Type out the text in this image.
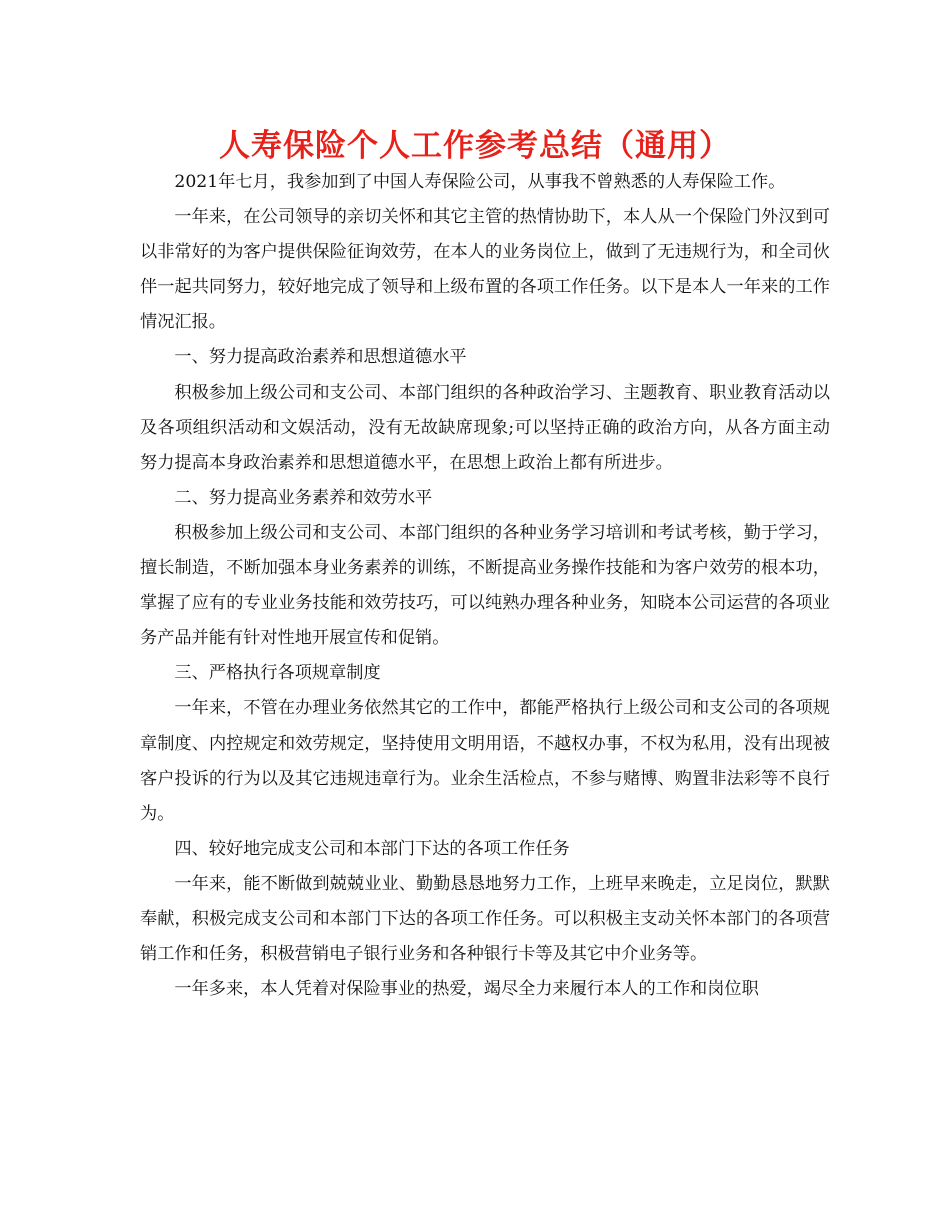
人寿保险个人工作参考总结（通用）

2021年七月，我参加到了中国人寿保险公司，从事我不曾熟悉的人寿保险工作。

一年来，在公司领导的亲切关怀和其它主管的热情协助下，本人从一个保险门外汉到可以非常好的为客户提供保险征询效劳，在本人的业务岗位上，做到了无违规行为，和全司伙伴一起共同努力，较好地完成了领导和上级布置的各项工作任务。以下是本人一年来的工作情况汇报。

一、努力提高政治素养和思想道德水平

积极参加上级公司和支公司、本部门组织的各种政治学习、主题教育、职业教育活动以及各项组织活动和文娱活动，没有无故缺席现象;可以坚持正确的政治方向，从各方面主动努力提高本身政治素养和思想道德水平，在思想上政治上都有所进步。

二、努力提高业务素养和效劳水平

积极参加上级公司和支公司、本部门组织的各种业务学习培训和考试考核，勤于学习，擅长制造，不断加强本身业务素养的训练，不断提高业务操作技能和为客户效劳的根本功，掌握了应有的专业业务技能和效劳技巧，可以纯熟办理各种业务，知晓本公司运营的各项业务产品并能有针对性地开展宣传和促销。

三、严格执行各项规章制度

一年来，不管在办理业务依然其它的工作中，都能严格执行上级公司和支公司的各项规章制度、内控规定和效劳规定，坚持使用文明用语，不越权办事，不权为私用，没有出现被客户投诉的行为以及其它违规违章行为。业余生活检点，不参与赌博、购置非法彩等不良行为。

四、较好地完成支公司和本部门下达的各项工作任务

一年来，能不断做到兢兢业业、勤勤恳恳地努力工作，上班早来晚走，立足岗位，默默奉献，积极完成支公司和本部门下达的各项工作任务。可以积极主支动关怀本部门的各项营销工作和任务，积极营销电子银行业务和各种银行卡等及其它中介业务等。

一年多来，本人凭着对保险事业的热爱，竭尽全力来履行本人的工作和岗位职
